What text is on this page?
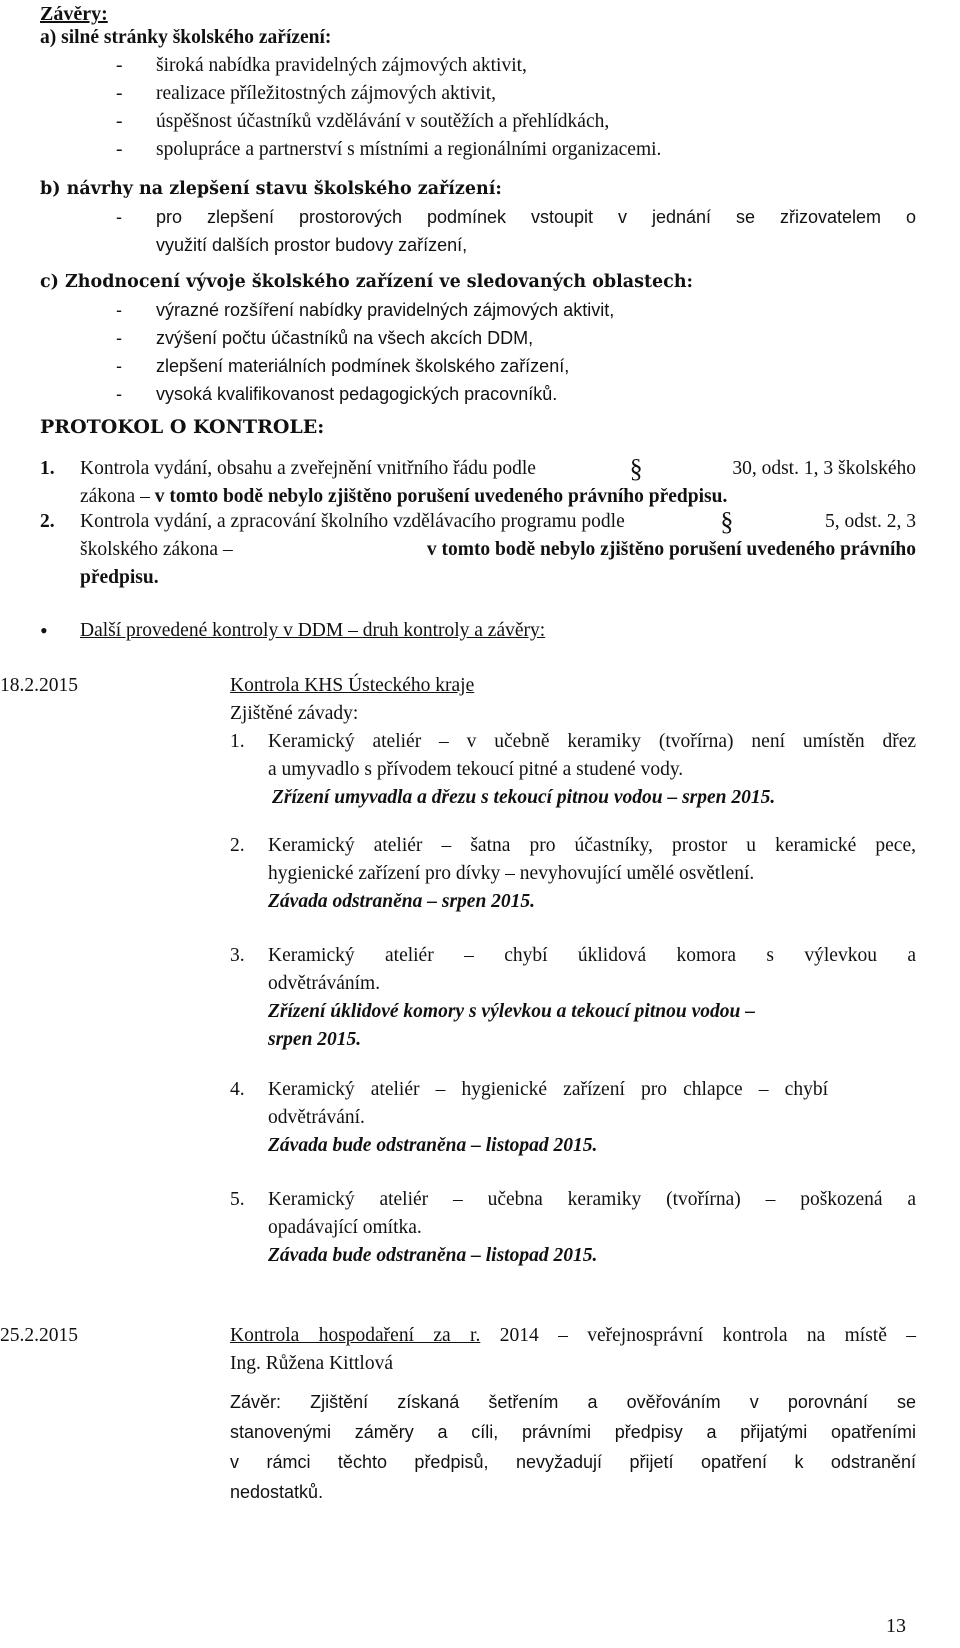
Závěry:
a) silné stránky školského zařízení:
-	široká nabídka pravidelných zájmových aktivit,
-	realizace příležitostných zájmových aktivit,
-	úspěšnost účastníků vzdělávání v soutěžích a přehlídkách,
-	spolupráce a partnerství s místními a regionálními organizacemi.
b) návrhy na zlepšení stavu školského zařízení:
-	pro zlepšení prostorových podmínek vstoupit v jednání se zřizovatelem o
využití dalších prostor budovy zařízení,
c) Zhodnocení vývoje školského zařízení ve sledovaných oblastech:
-	výrazné rozšíření nabídky pravidelných zájmových aktivit,
-	zvýšení počtu účastníků na všech akcích DDM,
-	zlepšení materiálních podmínek školského zařízení,
-	vysoká kvalifikovanost pedagogických pracovníků.
PROTOKOL O KONTROLE:
1.	Kontrola vydání, obsahu a zveřejnění vnitřního řádu podle	§	30, odst. 1, 3 školského
zákona – v tomto bodě nebylo zjištěno porušení uvedeného právního předpisu.
2.	Kontrola vydání, a zpracování školního vzdělávacího programu podle	§	5, odst. 2, 3
školského zákona –	v tomto bodě nebylo zjištěno porušení uvedeného právního
předpisu.
•	Další provedené kontroly v DDM – druh kontroly a závěry:
18.2.2015	Kontrola KHS Ústeckého kraje
Zjištěné závady:
1.	Keramický ateliér – v učebně keramiky (tvořírna) není umístěn dřez
a umyvadlo s přívodem tekoucí pitné a studené vody.
Zřízení umyvadla a dřezu s tekoucí pitnou vodou – srpen 2015.
2.	Keramický ateliér – šatna pro účastníky, prostor u keramické pece,
hygienické zařízení pro dívky – nevyhovující umělé osvětlení.
Závada odstraněna – srpen 2015.
3.	Keramický ateliér – chybí úklidová komora s výlevkou a
odvětráváním.
Zřízení úklidové komory s výlevkou a tekoucí pitnou vodou –
srpen 2015.
4.	Keramický ateliér – hygienické zařízení pro chlapce – chybí
odvětrávání.
Závada bude odstraněna – listopad 2015.
5.	Keramický ateliér – učebna keramiky (tvořírna) – poškozená a
opadávající omítka.
Závada bude odstraněna – listopad 2015.
25.2.2015	Kontrola hospodaření za r. 2014 – veřejnosprávní kontrola na místě –
Ing. Růžena Kittlová
Závěr: Zjištění získaná šetřením a ověřováním v porovnání se
stanovenými záměry a cíli, právními předpisy a přijatými opatřeními
v rámci těchto předpisů, nevyžadují přijetí opatření k odstranění
nedostatků.
13
